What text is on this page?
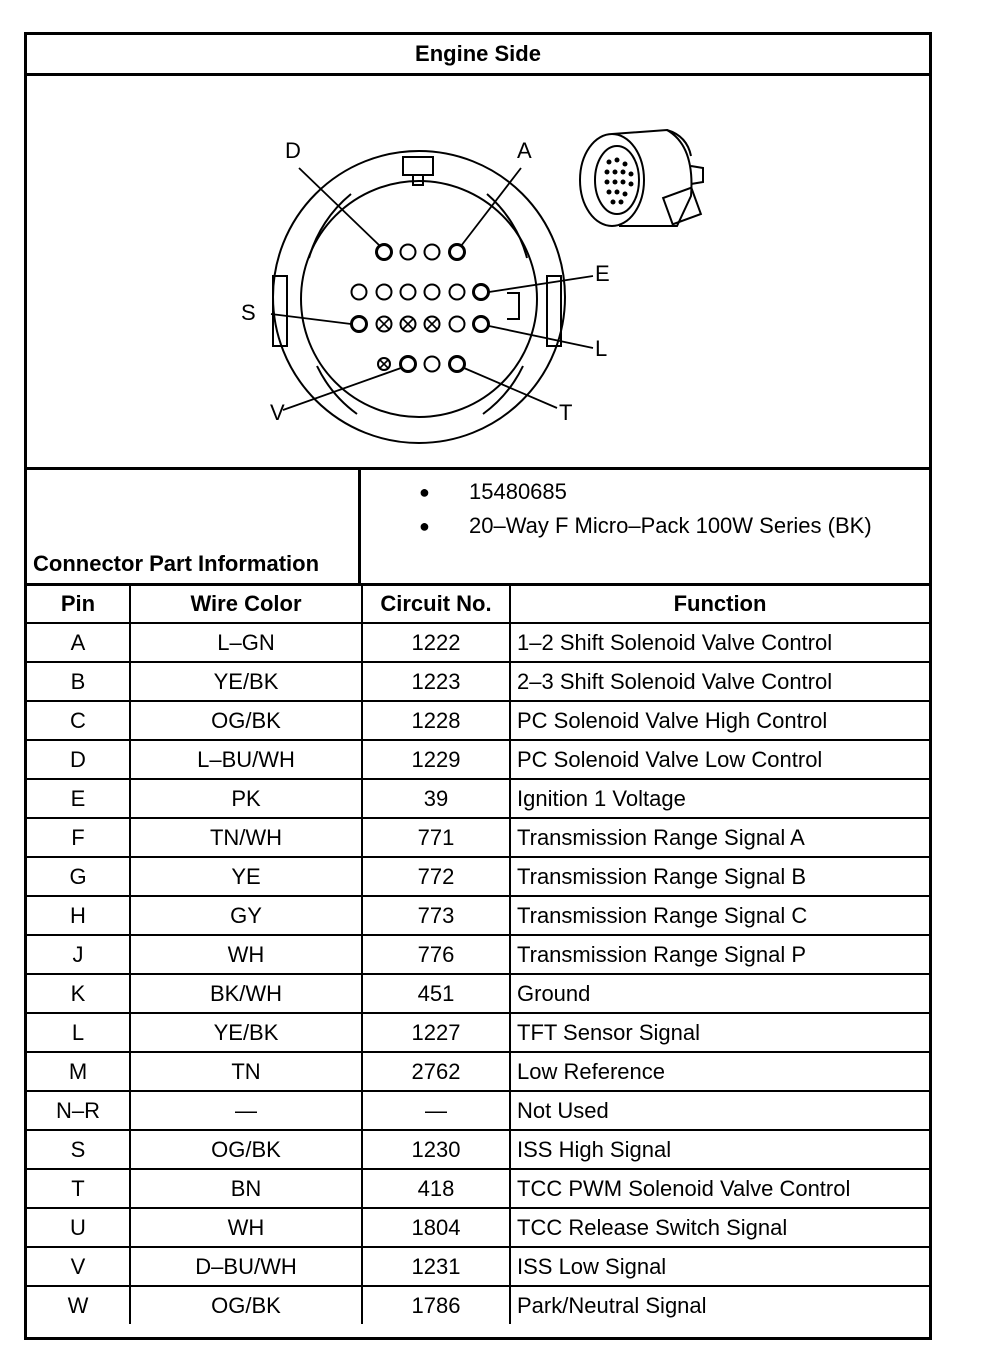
Engine Side
D	A
E
S
L
V	T
Connector Part Information
● 15480685
● 20–Way F Micro–Pack 100W Series (BK)
Pin	Wire Color	Circuit No.	Function
A	L–GN	1222	1–2 Shift Solenoid Valve Control
B	YE/BK	1223	2–3 Shift Solenoid Valve Control
C	OG/BK	1228	PC Solenoid Valve High Control
D	L–BU/WH	1229	PC Solenoid Valve Low Control
E	PK	39	Ignition 1 Voltage
F	TN/WH	771	Transmission Range Signal A
G	YE	772	Transmission Range Signal B
H	GY	773	Transmission Range Signal C
J	WH	776	Transmission Range Signal P
K	BK/WH	451	Ground
L	YE/BK	1227	TFT Sensor Signal
M	TN	2762	Low Reference
N–R	—	—	Not Used
S	OG/BK	1230	ISS High Signal
T	BN	418	TCC PWM Solenoid Valve Control
U	WH	1804	TCC Release Switch Signal
V	D–BU/WH	1231	ISS Low Signal
W	OG/BK	1786	Park/Neutral Signal
